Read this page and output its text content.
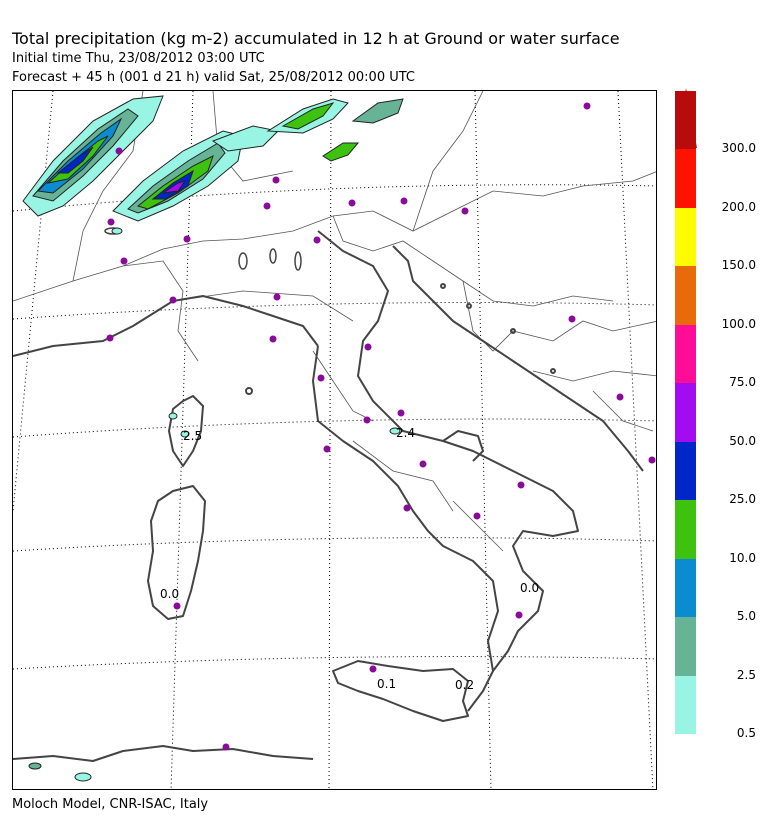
Total precipitation (kg m-2) accumulated in 12 h at Ground or water surface
Initial time Thu, 23/08/2012 03:00 UTC
Forecast + 45 h (001 d 21 h) valid Sat, 25/08/2012 00:00 UTC
2.5	2.4
0.0	0.0
0.1	0.2
0.5
2.5
5.0
10.0
25.0
50.0
75.0
100.0
150.0
200.0
300.0
Moloch Model, CNR-ISAC, Italy
